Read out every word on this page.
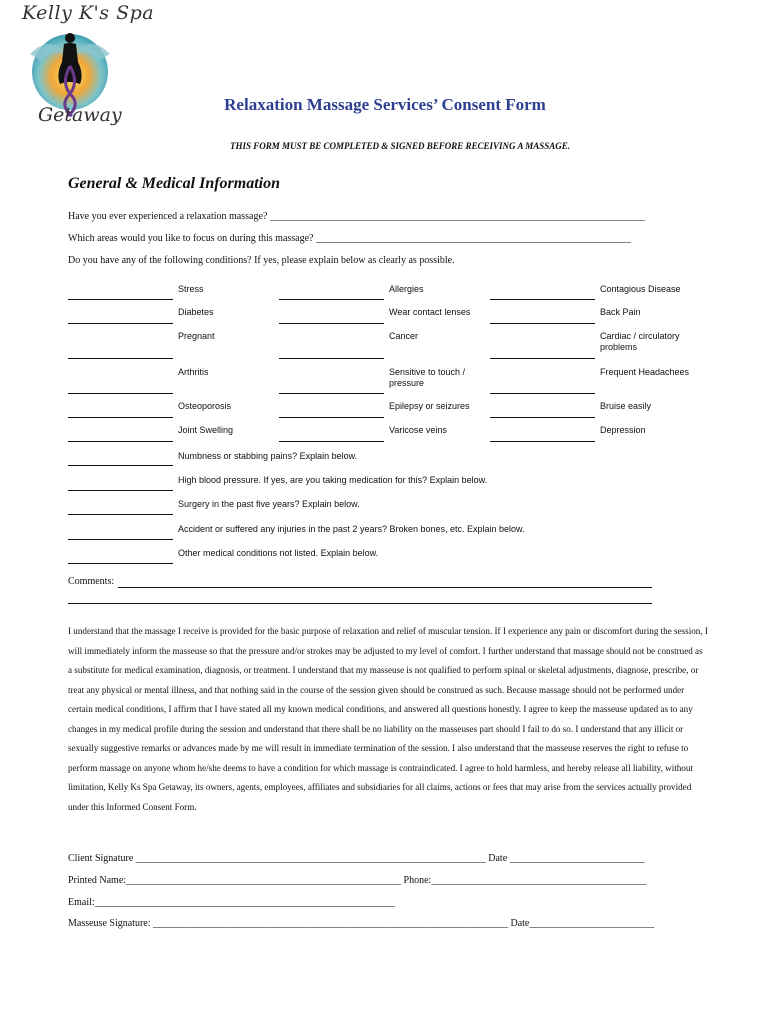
Kelly K's Spa
Getaway	Relaxation Massage Services’ Consent Form
THIS FORM MUST BE COMPLETED & SIGNED BEFORE RECEIVING A MASSAGE.
General & Medical Information
Have you ever experienced a relaxation massage? ___________________________________________________________________________
Which areas would you like to focus on during this massage? _______________________________________________________________
Do you have any of the following conditions? If yes, please explain below as clearly as possible.
Stress
Diabetes
Pregnant
Arthritis
Osteoporosis
Joint Swelling
Allergies
Wear contact lenses
Cancer
Sensitive to touch / pressure
Epilepsy or seizures
Varicose veins
Contagious Disease
Back Pain
Cardiac / circulatory problems
Frequent Headachees
Bruise easily
Depression
Numbness or stabbing pains? Explain below.
High blood pressure. If yes, are you taking medication for this? Explain below.
Surgery in the past five years? Explain below.
Accident or suffered any injuries in the past 2 years? Broken bones, etc. Explain below.
Other medical conditions not listed. Explain below.
Comments:
I understand that the massage I receive is provided for the basic purpose of relaxation and relief of muscular tension. If I experience any pain or discomfort during the session, I will immediately inform the masseuse so that the pressure and/or strokes may be adjusted to my level of comfort. I further understand that massage should not be construed as a substitute for medical examination, diagnosis, or treatment. I understand that my masseuse is not qualified to perform spinal or skeletal adjustments, diagnose, prescribe, or treat any physical or mental illness, and that nothing said in the course of the session given should be construed as such. Because massage should not be performed under certain medical conditions, I affirm that I have stated all my known medical conditions, and answered all questions honestly. I agree to keep the masseuse updated as to any changes in my medical profile during the session and understand that there shall be no liability on the masseuses part should I fail to do so. I understand that any illicit or sexually suggestive remarks or advances made by me will result in immediate termination of the session. I also understand that the masseuse reserves the right to refuse to perform massage on anyone whom he/she deems to have a condition for which massage is contraindicated. I agree to hold harmless, and hereby release all liability, without limitation, Kelly Ks Spa Getaway, its owners, agents, employees, affiliates and subsidiaries for all claims, actions or fees that may arise from the services actually provided under this Informed Consent Form.
Client Signature ______________________________________________________________________ Date ___________________________
Printed Name:_______________________________________________________ Phone:___________________________________________
Email:____________________________________________________________
Masseuse Signature: _______________________________________________________________________ Date_________________________
